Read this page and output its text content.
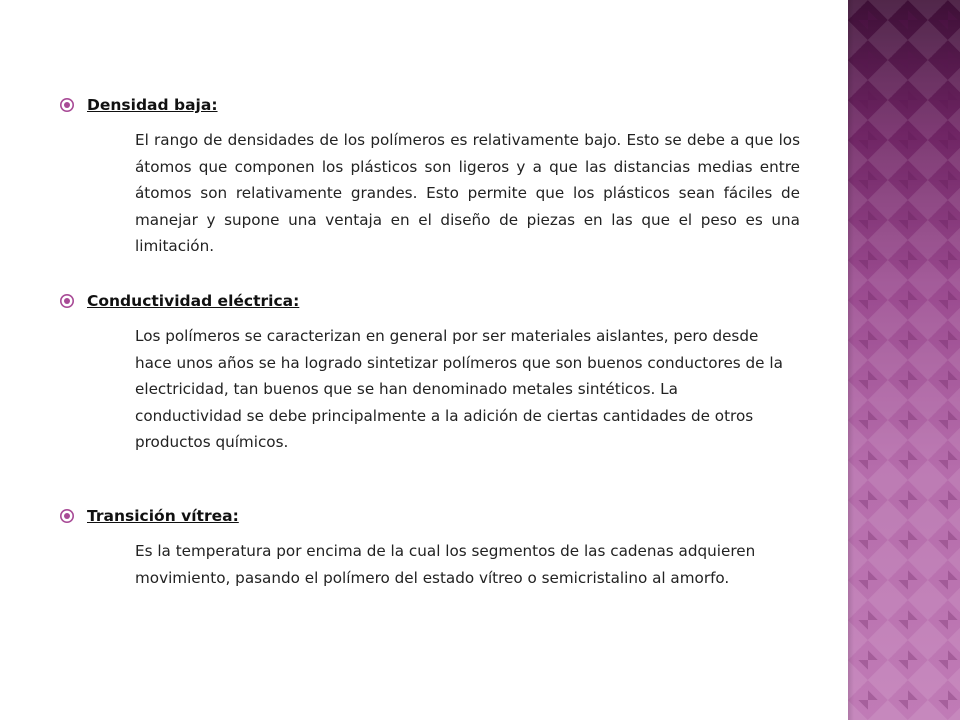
Densidad baja:
El rango de densidades de los polímeros es relativamente bajo. Esto se debe a que los átomos que componen los plásticos son ligeros y a que las distancias medias entre átomos son relativamente grandes. Esto permite que los plásticos sean fáciles de manejar y supone una ventaja en el diseño de piezas en las que el peso es una limitación.
Conductividad eléctrica:
Los polímeros se caracterizan en general por ser materiales aislantes, pero desde hace unos años se ha logrado sintetizar polímeros que son buenos conductores de la electricidad, tan buenos que se han denominado metales sintéticos. La conductividad se debe principalmente a la adición de ciertas cantidades de otros productos químicos.
Transición vítrea:
Es la temperatura por encima de la cual los segmentos de las cadenas adquieren movimiento, pasando el polímero del estado vítreo o semicristalino al amorfo.
